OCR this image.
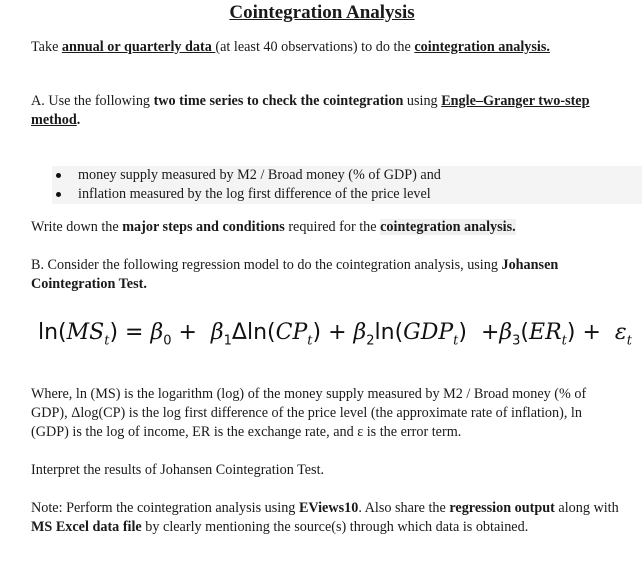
Cointegration Analysis
Take annual or quarterly data (at least 40 observations) to do the cointegration analysis.
A. Use the following two time series to check the cointegration using Engle–Granger two-step method.
money supply measured by M2 / Broad money (% of GDP) and
inflation measured by the log first difference of the price level
Write down the major steps and conditions required for the cointegration analysis.
B. Consider the following regression model to do the cointegration analysis, using Johansen Cointegration Test.
$\ln(MS_t) = \beta_0 + \beta_1\Delta\ln(CP_t) + \beta_2\ln(GDP_t) +\beta_3(ER_t) + \varepsilon_t$
Where, ln (MS) is the logarithm (log) of the money supply measured by M2 / Broad money (% of GDP), Δlog(CP) is the log first difference of the price level (the approximate rate of inflation), ln (GDP) is the log of income, ER is the exchange rate, and ε is the error term.
Interpret the results of Johansen Cointegration Test.
Note: Perform the cointegration analysis using EViews10. Also share the regression output along with MS Excel data file by clearly mentioning the source(s) through which data is obtained.
